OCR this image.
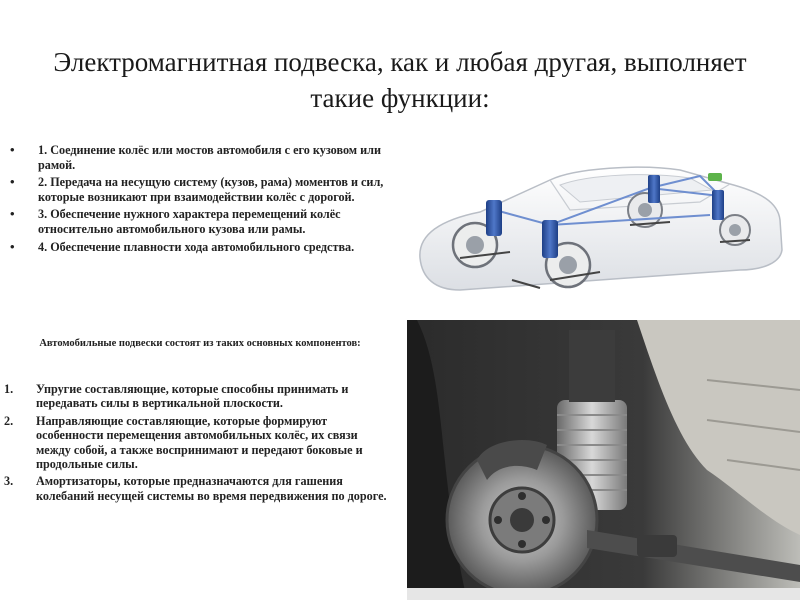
Электромагнитная подвеска, как и любая другая, выполняет такие функции:
• 1. Соединение колёс или мостов автомобиля с его кузовом или рамой.
• 2. Передача на несущую систему (кузов, рама) моментов и сил, которые возникают при взаимодействии колёс с дорогой.
• 3. Обеспечение нужного характера перемещений колёс относительно автомобильного кузова или рамы.
• 4. Обеспечение плавности хода автомобильного средства.
Автомобильные подвески состоят из таких основных компонентов:
1. Упругие составляющие, которые способны принимать и передавать силы в вертикальной плоскости.
2. Направляющие составляющие, которые формируют особенности перемещения автомобильных колёс, их связи между собой, а также воспринимают и передают боковые и продольные силы.
3. Амортизаторы, которые предназначаются для гашения колебаний несущей системы во время передвижения по дороге.
